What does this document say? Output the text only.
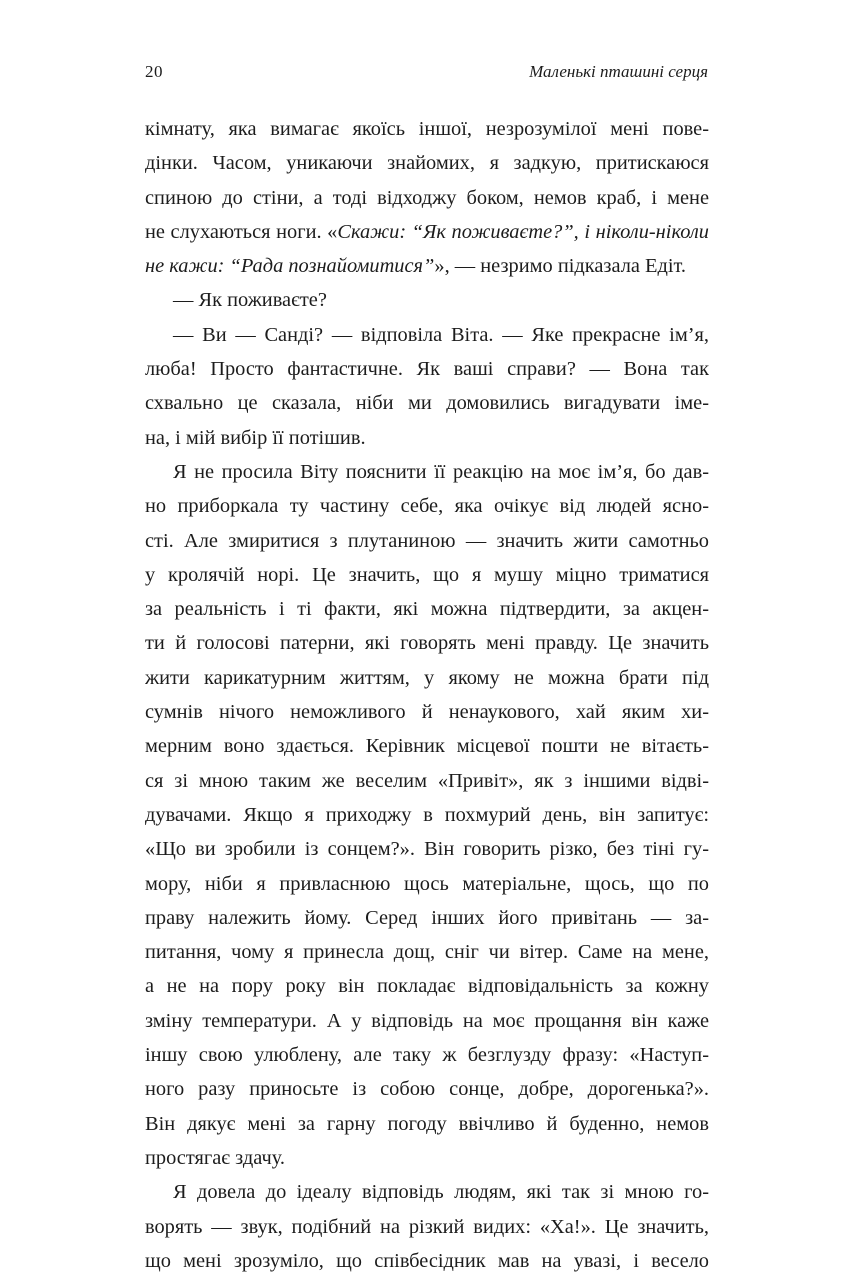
20	Маленькі пташині серця
кімнату, яка вимагає якоїсь іншої, незрозумілої мені пове-
дінки. Часом, уникаючи знайомих, я задкую, притискаюся
спиною до стіни, а тоді відходжу боком, немов краб, і мене
не слухаються ноги. «Скажи: “Як поживаєте?”, і ніколи-ніколи
не кажи: “Рада познайомитися”», — незримо підказала Едіт.
— Як поживаєте?
— Ви — Санді? — відповіла Віта. — Яке прекрасне ім’я,
люба! Просто фантастичне. Як ваші справи? — Вона так
схвально це сказала, ніби ми домовились вигадувати іме-
на, і мій вибір її потішив.
Я не просила Віту пояснити її реакцію на моє ім’я, бо дав-
но приборкала ту частину себе, яка очікує від людей ясно-
сті. Але змиритися з плутаниною — значить жити самотньо
у кролячій норі. Це значить, що я мушу міцно триматися
за реальність і ті факти, які можна підтвердити, за акцен-
ти й голосові патерни, які говорять мені правду. Це значить
жити карикатурним життям, у якому не можна брати під
сумнів нічого неможливого й ненаукового, хай яким хи-
мерним воно здається. Керівник місцевої пошти не вітаєть-
ся зі мною таким же веселим «Привіт», як з іншими відві-
дувачами. Якщо я приходжу в похмурий день, він запитує:
«Що ви зробили із сонцем?». Він говорить різко, без тіні гу-
мору, ніби я привласнюю щось матеріальне, щось, що по
праву належить йому. Серед інших його привітань — за-
питання, чому я принесла дощ, сніг чи вітер. Саме на мене,
а не на пору року він покладає відповідальність за кожну
зміну температури. А у відповідь на моє прощання він каже
іншу свою улюблену, але таку ж безглузду фразу: «Наступ-
ного разу приносьте із собою сонце, добре, дорогенька?».
Він дякує мені за гарну погоду ввічливо й буденно, немов
простягає здачу.
Я довела до ідеалу відповідь людям, які так зі мною го-
ворять — звук, подібний на різкий видих: «Ха!». Це значить,
що мені зрозуміло, що співбесідник мав на увазі, і весело
